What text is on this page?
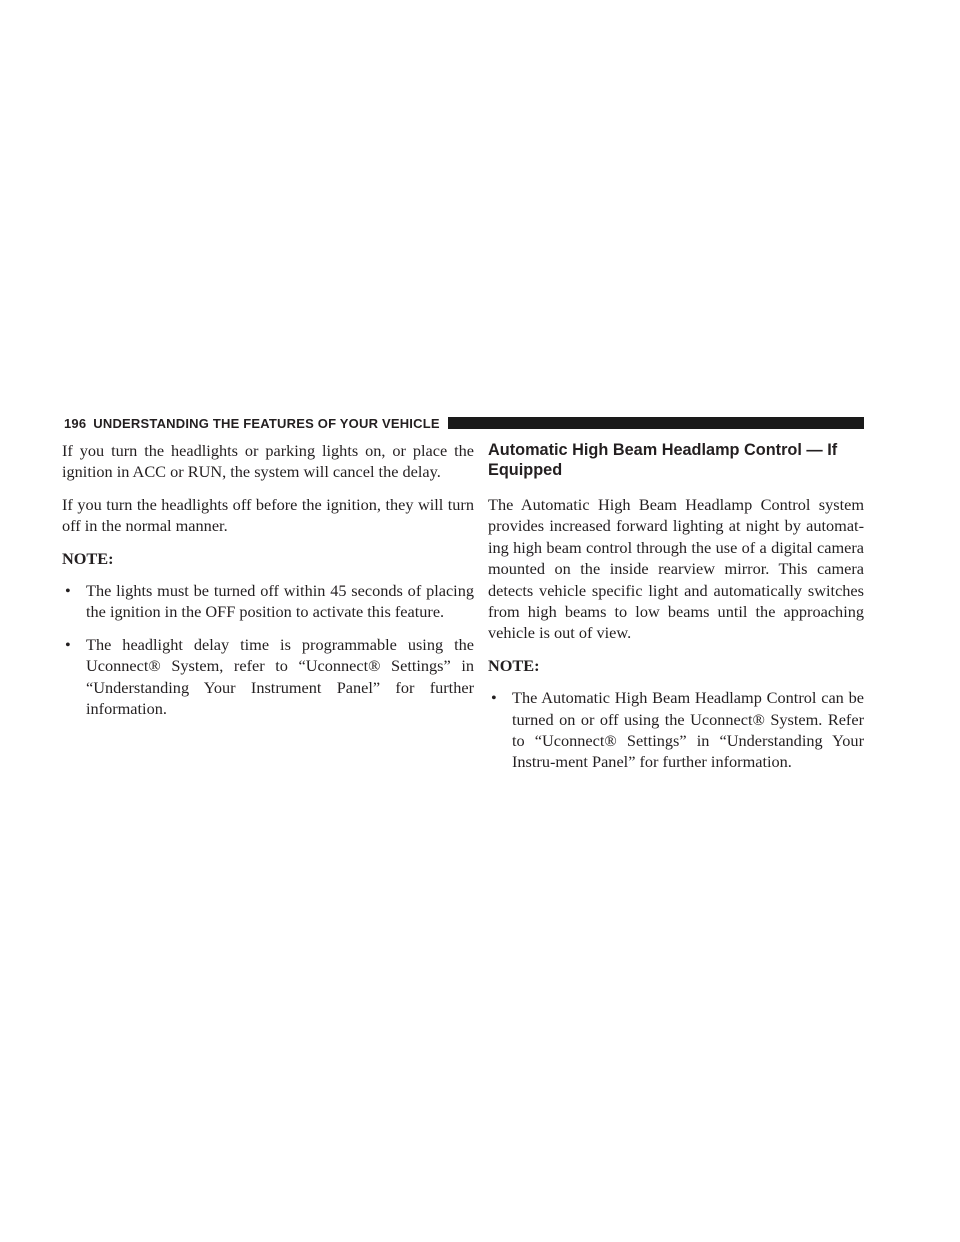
196 UNDERSTANDING THE FEATURES OF YOUR VEHICLE

If you turn the headlights or parking lights on, or place the ignition in ACC or RUN, the system will cancel the delay.

If you turn the headlights off before the ignition, they will turn off in the normal manner.

NOTE:
• The lights must be turned off within 45 seconds of placing the ignition in the OFF position to activate this feature.
• The headlight delay time is programmable using the Uconnect® System, refer to “Uconnect® Settings” in “Understanding Your Instrument Panel” for further information.
Automatic High Beam Headlamp Control — If Equipped

The Automatic High Beam Headlamp Control system provides increased forward lighting at night by automat-ing high beam control through the use of a digital camera mounted on the inside rearview mirror. This camera detects vehicle specific light and automatically switches from high beams to low beams until the approaching vehicle is out of view.

NOTE:
• The Automatic High Beam Headlamp Control can be turned on or off using the Uconnect® System. Refer to “Uconnect® Settings” in “Understanding Your Instru-ment Panel” for further information.
